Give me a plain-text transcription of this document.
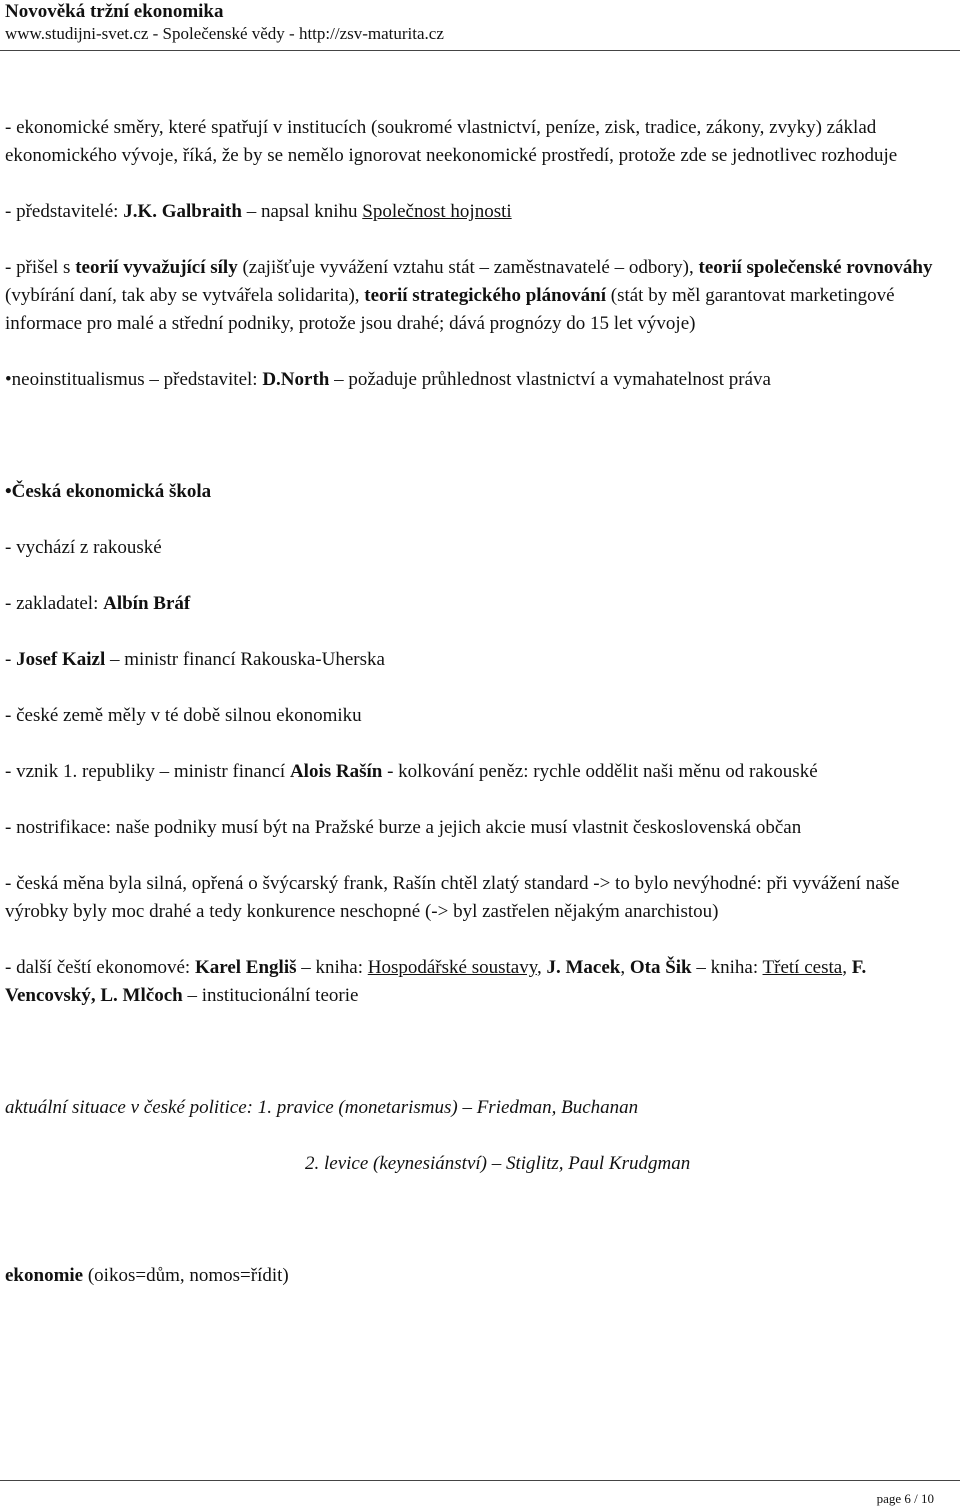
Novověká tržní ekonomika
www.studijni-svet.cz - Společenské vědy - http://zsv-maturita.cz

- ekonomické směry, které spatřují v institucích (soukromé vlastnictví, peníze, zisk, tradice, zákony, zvyky) základ ekonomického vývoje, říká, že by se nemělo ignorovat neekonomické prostředí, protože zde se jednotlivec rozhoduje

- představitelé: J.K. Galbraith – napsal knihu Společnost hojnosti

- přišel s teorií vyvažující síly (zajišťuje vyvážení vztahu stát – zaměstnavatelé – odbory), teorií společenské rovnováhy (vybírání daní, tak aby se vytvářela solidarita), teorií strategického plánování (stát by měl garantovat marketingové informace pro malé a střední podniky, protože jsou drahé; dává prognózy do 15 let vývoje)

•neoinstitualismus – představitel: D.North – požaduje průhlednost vlastnictví a vymahatelnost práva

•Česká ekonomická škola

- vychází z rakouské

- zakladatel: Albín Bráf

- Josef Kaizl – ministr financí Rakouska-Uherska

- české země měly v té době silnou ekonomiku

- vznik 1. republiky – ministr financí Alois Rašín - kolkování peněz: rychle oddělit naši měnu od rakouské

- nostrifikace: naše podniky musí být na Pražské burze a jejich akcie musí vlastnit československá občan

- česká měna byla silná, opřená o švýcarský frank, Rašín chtěl zlatý standard -> to bylo nevýhodné: při vyvážení naše výrobky byly moc drahé a tedy konkurence neschopné (-> byl zastřelen nějakým anarchistou)

- další čeští ekonomové: Karel Engliš – kniha: Hospodářské soustavy, J. Macek, Ota Šik – kniha: Třetí cesta, F. Vencovský, L. Mlčoch – institucionální teorie

aktuální situace v české politice: 1. pravice (monetarismus) – Friedman, Buchanan

2. levice (keynesiánství) – Stiglitz, Paul Krudgman

ekonomie (oikos=dům, nomos=řídit)

page 6 / 10
